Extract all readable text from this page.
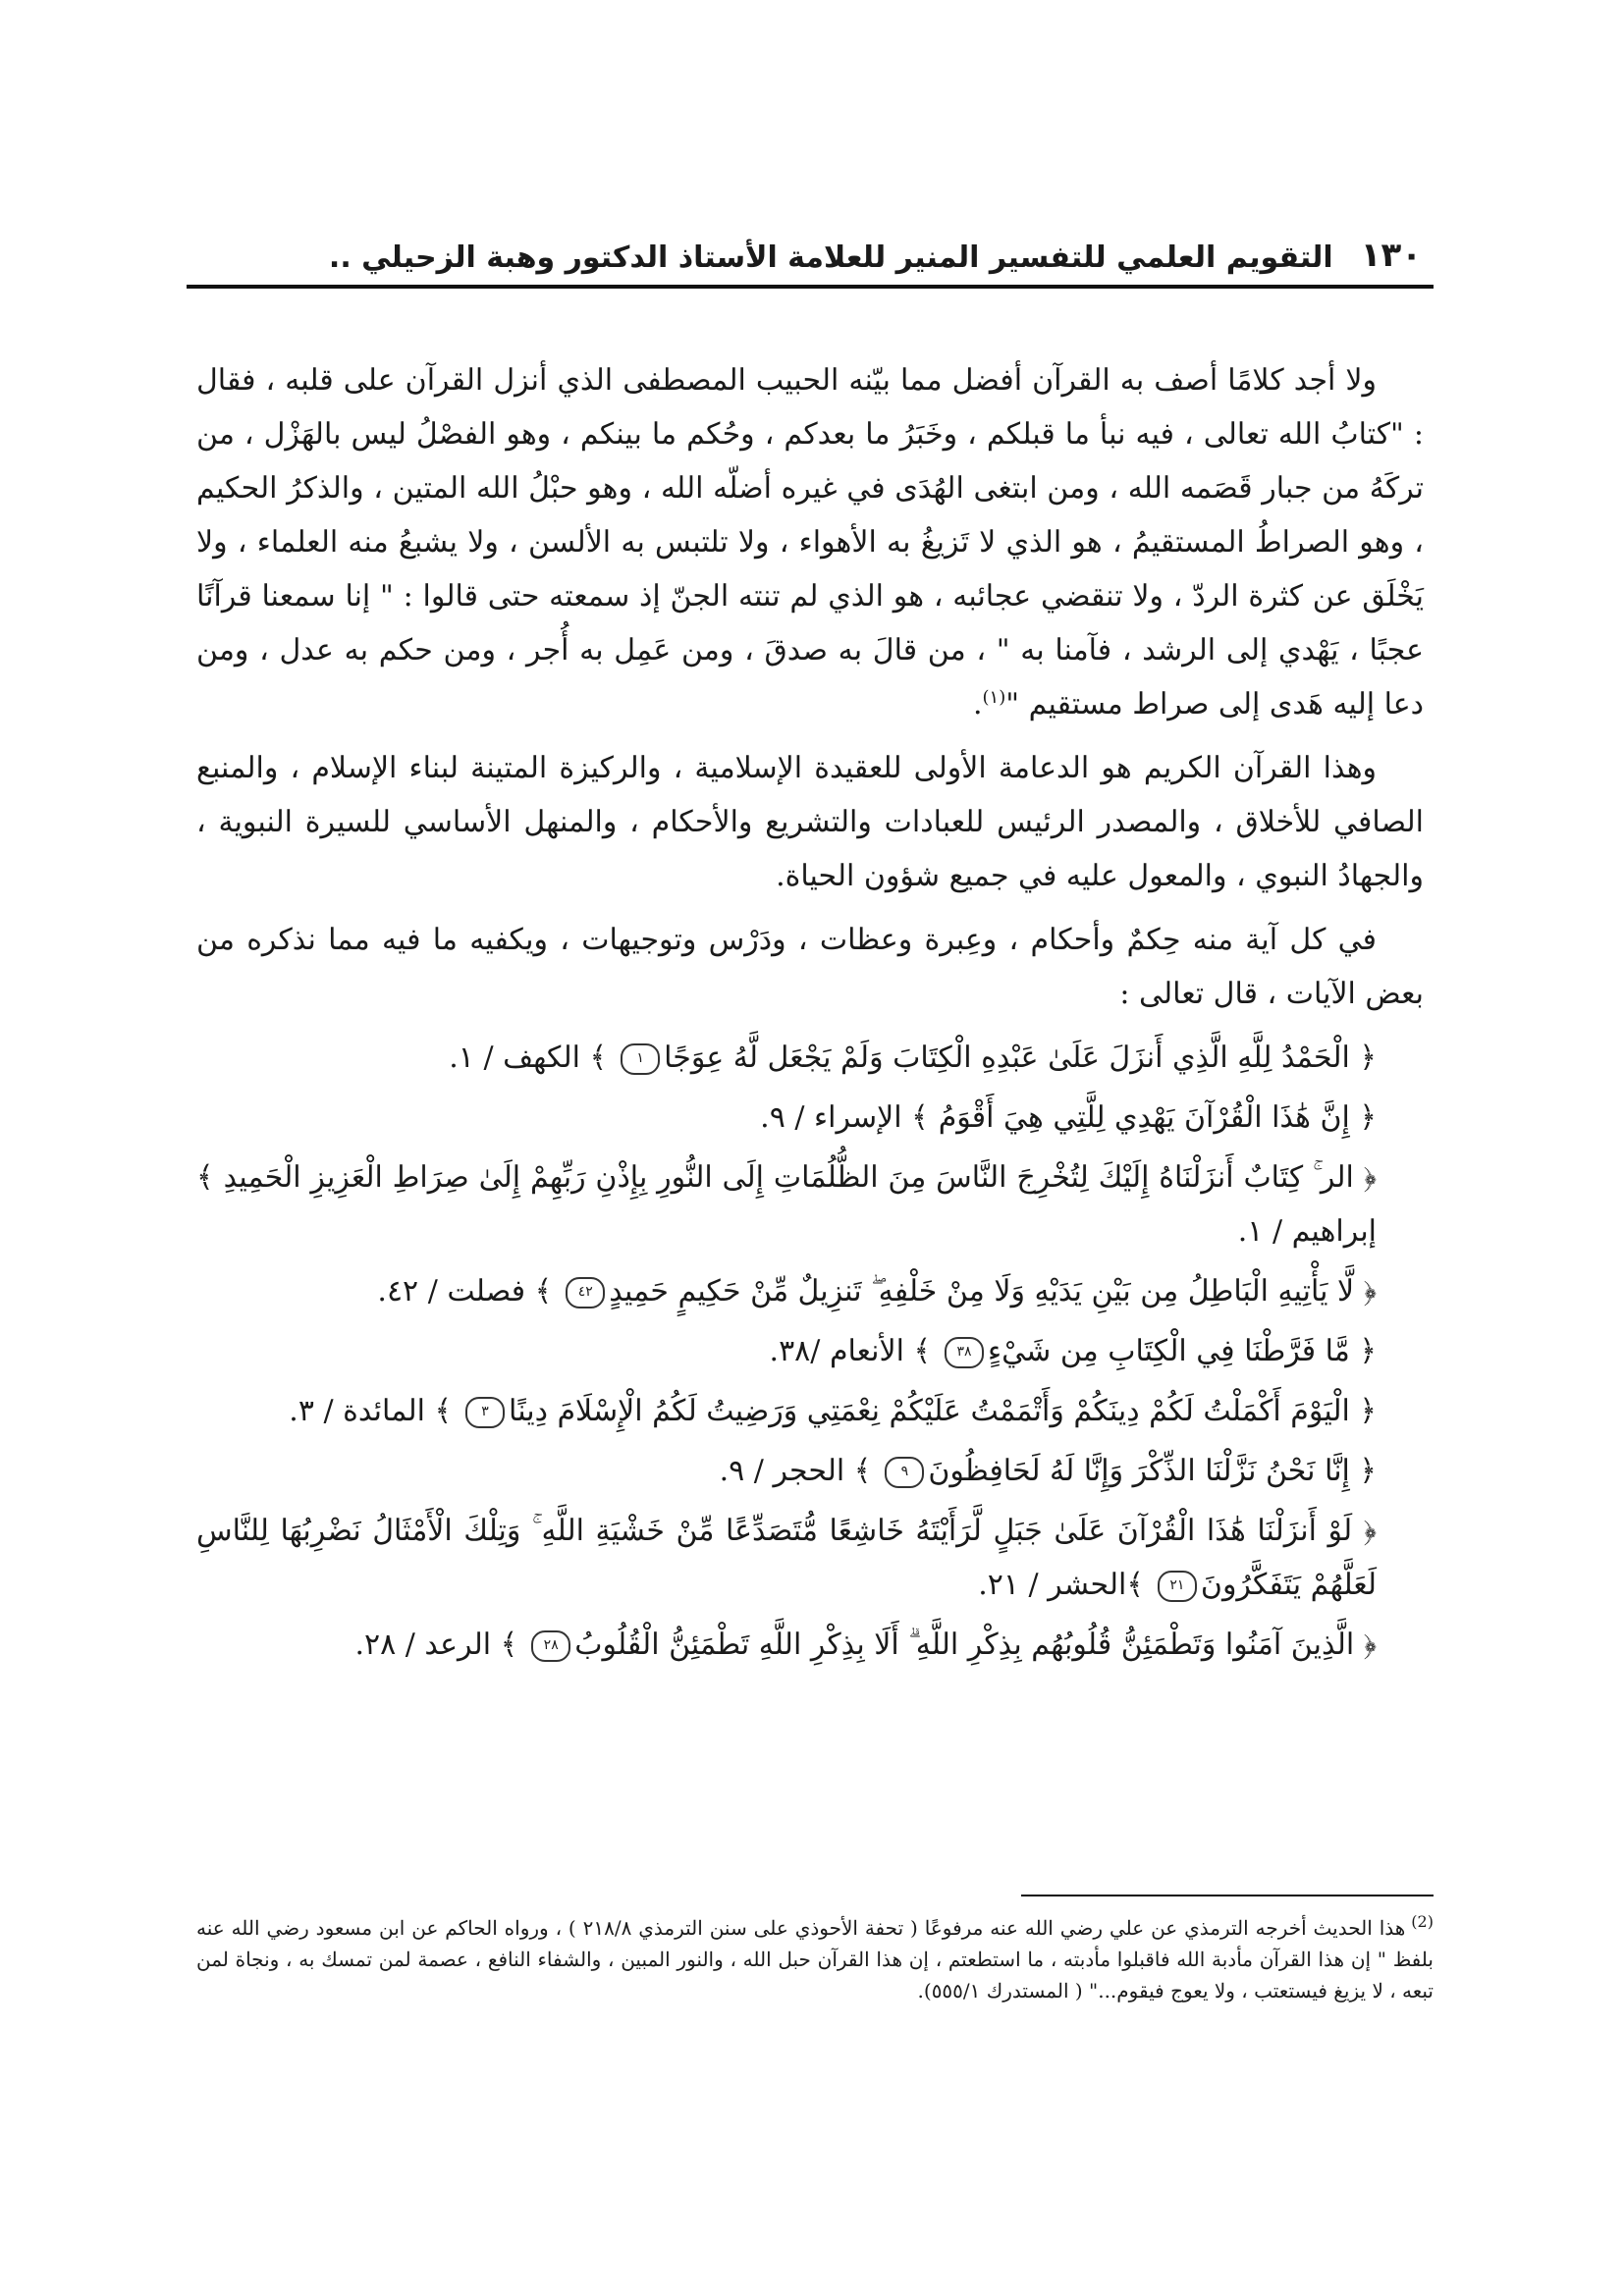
١٣٠
التقويم العلمي للتفسير المنير للعلامة الأستاذ الدكتور وهبة الزحيلي ..

ولا أجد كلامًا أصف به القرآن أفضل مما بيّنه الحبيب المصطفى الذي أنزل القرآن على قلبه ، فقال : "كتابُ الله تعالى ، فيه نبأ ما قبلكم ، وخَبَرُ ما بعدكم ، وحُكم ما بينكم ، وهو الفصْلُ ليس بالهَزْل ، من تركَهُ من جبار قَصَمه الله ، ومن ابتغى الهُدَى في غيره أضلّه الله ، وهو حبْلُ الله المتين ، والذكرُ الحكيم ، وهو الصراطُ المستقيمُ ، هو الذي لا تَزيغُ به الأهواء ، ولا تلتبس به الألسن ، ولا يشبعُ منه العلماء ، ولا يَخْلَق عن كثرة الردّ ، ولا تنقضي عجائبه ، هو الذي لم تنته الجنّ إذ سمعته حتى قالوا : " إنا سمعنا قرآنًا عجبًا ، يَهْدي إلى الرشد ، فآمنا به " ، من قالَ به صدقَ ، ومن عَمِل به أُجر ، ومن حكم به عدل ، ومن دعا إليه هَدى إلى صراط مستقيم "$^{(١)}$.

وهذا القرآن الكريم هو الدعامة الأولى للعقيدة الإسلامية ، والركيزة المتينة لبناء الإسلام ، والمنبع الصافي للأخلاق ، والمصدر الرئيس للعبادات والتشريع والأحكام ، والمنهل الأساسي للسيرة النبوية ، والجهادُ النبوي ، والمعول عليه في جميع شؤون الحياة.

في كل آية منه حِكمٌ وأحكام ، وعِبرة وعظات ، ودَرْس وتوجيهات ، ويكفيه ما فيه مما نذكره من بعض الآيات ، قال تعالى :

﴿ الْحَمْدُ لِلَّهِ الَّذِي أَنزَلَ عَلَىٰ عَبْدِهِ الْكِتَابَ وَلَمْ يَجْعَل لَّهُ عِوَجًا١﴾ الكهف / ١.
﴿ إِنَّ هَٰذَا الْقُرْآنَ يَهْدِي لِلَّتِي هِيَ أَقْوَمُ﴾ الإسراء / ٩.
﴿ الر ۚ كِتَابٌ أَنزَلْنَاهُ إِلَيْكَ لِتُخْرِجَ النَّاسَ مِنَ الظُّلُمَاتِ إِلَى النُّورِ بِإِذْنِ رَبِّهِمْ إِلَىٰ صِرَاطِ الْعَزِيزِ الْحَمِيدِ﴾ إبراهيم / ١.
﴿ لَّا يَأْتِيهِ الْبَاطِلُ مِن بَيْنِ يَدَيْهِ وَلَا مِنْ خَلْفِهِ ۖ تَنزِيلٌ مِّنْ حَكِيمٍ حَمِيدٍ٤٢﴾ فصلت / ٤٢.
﴿ مَّا فَرَّطْنَا فِي الْكِتَابِ مِن شَيْءٍ٣٨﴾ الأنعام /٣٨.
﴿ الْيَوْمَ أَكْمَلْتُ لَكُمْ دِينَكُمْ وَأَتْمَمْتُ عَلَيْكُمْ نِعْمَتِي وَرَضِيتُ لَكُمُ الْإِسْلَامَ دِينًا٣﴾ المائدة / ٣.
﴿ إِنَّا نَحْنُ نَزَّلْنَا الذِّكْرَ وَإِنَّا لَهُ لَحَافِظُونَ٩﴾ الحجر / ٩.
﴿ لَوْ أَنزَلْنَا هَٰذَا الْقُرْآنَ عَلَىٰ جَبَلٍ لَّرَأَيْتَهُ خَاشِعًا مُّتَصَدِّعًا مِّنْ خَشْيَةِ اللَّهِ ۚ وَتِلْكَ الْأَمْثَالُ نَضْرِبُهَا لِلنَّاسِ لَعَلَّهُمْ يَتَفَكَّرُونَ٢١﴾الحشر / ٢١.
﴿ الَّذِينَ آمَنُوا وَتَطْمَئِنُّ قُلُوبُهُم بِذِكْرِ اللَّهِ ۗ أَلَا بِذِكْرِ اللَّهِ تَطْمَئِنُّ الْقُلُوبُ٢٨﴾ الرعد / ٢٨.
$^{(2)}$هذا الحديث أخرجه الترمذي عن علي رضي الله عنه مرفوعًا ( تحفة الأحوذي على سنن الترمذي ٢١٨/٨ ) ، ورواه الحاكم عن ابن مسعود رضي الله عنه بلفظ " إن هذا القرآن مأدبة الله فاقبلوا مأدبته ، ما استطعتم ، إن هذا القرآن حبل الله ، والنور المبين ، والشفاء النافع ، عصمة لمن تمسك به ، ونجاة لمن تبعه ، لا يزيغ فيستعتب ، ولا يعوج فيقوم..." ( المستدرك ٥٥٥/١).
